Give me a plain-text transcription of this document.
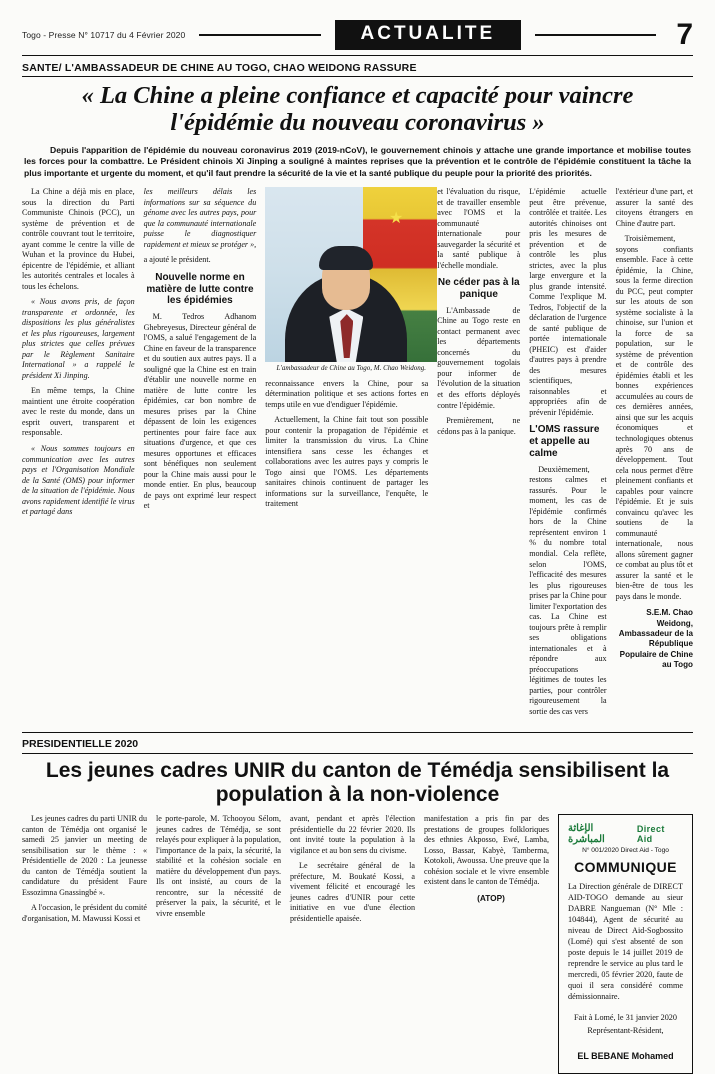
Togo - Presse N° 10717 du 4 Février 2020	ACTUALITE	7
SANTE/ L'AMBASSADEUR DE CHINE AU TOGO, CHAO WEIDONG RASSURE
« La Chine a pleine confiance et capacité pour vaincre l'épidémie du nouveau coronavirus »
Depuis l'apparition de l'épidémie du nouveau coronavirus 2019 (2019-nCoV), le gouvernement chinois y attache une grande importance et mobilise toutes les forces pour la combattre. Le Président chinois Xi Jinping a souligné à maintes reprises que la prévention et le contrôle de l'épidémie constituent la tâche la plus importante et urgente du moment, et qu'il faut prendre la sécurité de la vie et la santé publique du peuple pour la priorité des priorités.

La Chine a déjà mis en place, sous la direction du Parti Communiste Chinois (PCC), un système de prévention et de contrôle couvrant tout le territoire, ayant comme le centre la ville de Wuhan et la province du Hubei, épicentre de l'épidémie, et alliant les autorités centrales et locales à tous les échelons.

« Nous avons pris, de façon transparente et ordonnée, les dispositions les plus généralistes et les plus rigoureuses, largement plus strictes que celles prévues par le Règlement Sanitaire International » a rappelé le président Xi Jinping.

En même temps, la Chine maintient une étroite coopération avec le reste du monde, dans un esprit ouvert, transparent et responsable.

« Nous sommes toujours en communication avec les autres pays et l'Organisation Mondiale de la Santé (OMS) pour informer de la situation de l'épidémie. Nous avons rapidement identifié le virus et partagé dans

les meilleurs délais les informations sur sa séquence du génome avec les autres pays, pour que la communauté internationale puisse le diagnostiquer rapidement et mieux se protéger »,

a ajouté le président.

Nouvelle norme en matière de lutte contre les épidémies

M. Tedros Adhanom Ghebreyesus, Directeur général de l'OMS, a salué l'engagement de la Chine en faveur de la transparence et du soutien aux autres pays. Il a souligné que la Chine est en train d'établir une nouvelle norme en matière de lutte contre les épidémies, car bon nombre de mesures prises par la Chine dépassent de loin les exigences pertinentes pour faire face aux situations d'urgence, et que ces mesures opportunes et efficaces sont bénéfiques non seulement pour la Chine mais aussi pour le monde entier. En plus, beaucoup de pays ont exprimé leur respect et

★
L'ambassadeur de Chine au Togo, M. Chao Weidong.

reconnaissance envers la Chine, pour sa détermination politique et ses actions fortes en temps utile en vue d'endiguer l'épidémie.

Actuellement, la Chine fait tout son possible pour contenir la propagation de l'épidémie et limiter la transmission du virus. La Chine intensifiera sans cesse les échanges et collaborations avec les autres pays y compris le Togo ainsi que l'OMS. Les départements sanitaires chinois continuent de partager les informations sur la surveillance, l'enquête, le traitement

et l'évaluation du risque, et de travailler ensemble avec l'OMS et la communauté internationale pour sauvegarder la sécurité et la santé publique à l'échelle mondiale.

Ne céder pas à la panique

L'Ambassade de Chine au Togo reste en contact permanent avec les départements concernés du gouvernement togolais pour informer de l'évolution de la situation et des efforts déployés contre l'épidémie.

Premièrement, ne cédons pas à la panique.

L'épidémie actuelle peut être prévenue, contrôlée et traitée. Les autorités chinoises ont pris les mesures de prévention et de contrôle les plus strictes, avec la plus large envergure et la plus grande intensité. Comme l'explique M. Tedros, l'objectif de la déclaration de l'urgence de santé publique de portée internationale (PHEIC) est d'aider d'autres pays à prendre des mesures scientifiques, raisonnables et appropriées afin de prévenir l'épidémie.

L'OMS rassure et appelle au calme

Deuxièmement, restons calmes et rassurés. Pour le moment, les cas de l'épidémie confirmés hors de la Chine représentent environ 1 % du nombre total mondial. Cela reflète, selon l'OMS, l'efficacité des mesures les plus rigoureuses prises par la Chine pour limiter l'exportation des cas. La Chine est toujours prête à remplir ses obligations internationales et à répondre aux préoccupations légitimes de toutes les parties, pour contrôler rigoureusement la sortie des cas vers

l'extérieur d'une part, et assurer la santé des citoyens étrangers en Chine d'autre part.

Troisièmement, soyons confiants ensemble. Face à cette épidémie, la Chine, sous la ferme direction du PCC, peut compter sur les atouts de son système socialiste à la chinoise, sur l'union et la force de sa population, sur le système de prévention et de contrôle des épidémies établi et les bonnes expériences accumulées au cours de ces dernières années, ainsi que sur les acquis économiques et technologiques obtenus après 70 ans de développement. Tout cela nous permet d'être pleinement confiants et capables pour vaincre l'épidémie. Et je suis convaincu qu'avec les soutiens de la communauté internationale, nous allons sûrement gagner ce combat au plus tôt et assurer la santé et le bien-être de tous les pays dans le monde.

S.E.M. Chao Weidong, Ambassadeur de la République Populaire de Chine au Togo
PRESIDENTIELLE 2020
Les jeunes cadres UNIR du canton de Témédja sensibilisent la population à la non-violence

Les jeunes cadres du parti UNIR du canton de Témédja ont organisé le samedi 25 janvier un meeting de sensibilisation sur le thème : « Présidentielle de 2020 : La jeunesse du canton de Témédja soutient la candidature du président Faure Essozimna Gnassingbé ».

A l'occasion, le président du comité d'organisation, M. Mawussi Kossi et

le porte-parole, M. Tchooyou Sélom, jeunes cadres de Témédja, se sont relayés pour expliquer à la population, l'importance de la paix, la sécurité, la stabilité et la cohésion sociale en matière du développement d'un pays. Ils ont insisté, au cours de la rencontre, sur la nécessité de préserver la paix, la sécurité, et le vivre ensemble

avant, pendant et après l'élection présidentielle du 22 février 2020. Ils ont invité toute la population à la vigilance et au bon sens du civisme.

Le secrétaire général de la préfecture, M. Boukaté Kossi, a vivement félicité et encouragé les jeunes cadres d'UNIR pour cette initiative en vue d'une élection présidentielle apaisée.

manifestation a pris fin par des prestations de groupes folkloriques des ethnies Akposso, Ewé, Lamba, Losso, Bassar, Kabyè, Tamberma, Kotokoli, Awoussa. Une preuve que la cohésion sociale et le vivre ensemble existent dans le canton de Témédja.

(ATOP)

الإغاثة المباشرة
Direct Aid
N° 001/2020 Direct Aid - Togo
COMMUNIQUE

La Direction générale de DIRECT AID-TOGO demande au sieur DABRE Nangueman (N° Mle : 104844), Agent de sécurité au niveau de Direct Aid-Sogbossito (Lomé) qui s'est absenté de son poste depuis le 14 juillet 2019 de reprendre le service au plus tard le mercredi, 05 février 2020, faute de quoi il sera considéré comme démissionnaire.

Fait à Lomé, le 31 janvier 2020
Représentant-Résident,
EL BEBANE Mohamed
